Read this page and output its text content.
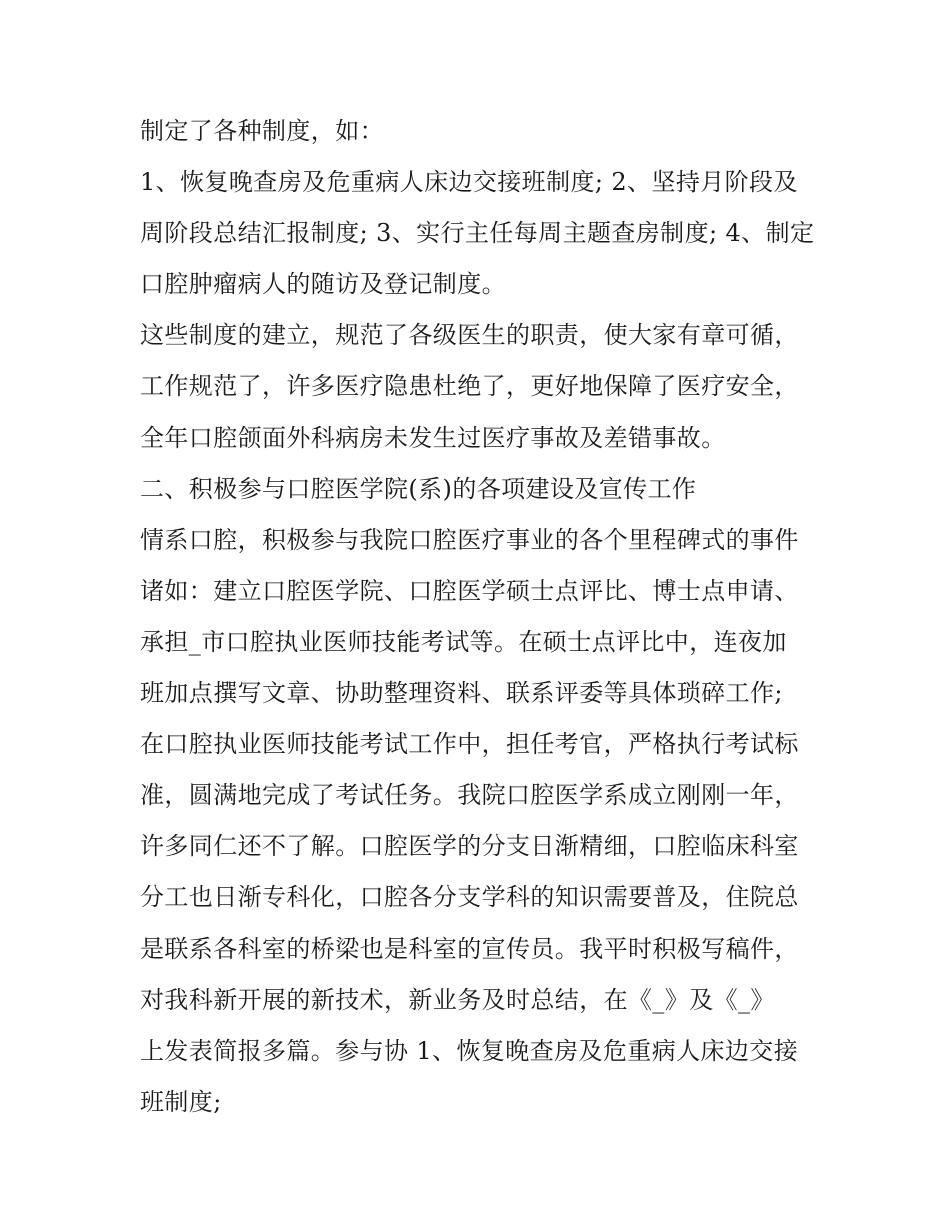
制定了各种制度，如：
1、恢复晚查房及危重病人床边交接班制度; 2、坚持月阶段及
周阶段总结汇报制度; 3、实行主任每周主题查房制度; 4、制定
口腔肿瘤病人的随访及登记制度。
这些制度的建立，规范了各级医生的职责，使大家有章可循，
工作规范了，许多医疗隐患杜绝了，更好地保障了医疗安全，
全年口腔颌面外科病房未发生过医疗事故及差错事故。
二、积极参与口腔医学院(系)的各项建设及宣传工作
情系口腔，积极参与我院口腔医疗事业的各个里程碑式的事件
诸如：建立口腔医学院、口腔医学硕士点评比、博士点申请、
承担_市口腔执业医师技能考试等。在硕士点评比中，连夜加
班加点撰写文章、协助整理资料、联系评委等具体琐碎工作;
在口腔执业医师技能考试工作中，担任考官，严格执行考试标
准，圆满地完成了考试任务。我院口腔医学系成立刚刚一年，
许多同仁还不了解。口腔医学的分支日渐精细，口腔临床科室
分工也日渐专科化，口腔各分支学科的知识需要普及，住院总
是联系各科室的桥梁也是科室的宣传员。我平时积极写稿件，
对我科新开展的新技术，新业务及时总结，在《_》及《_》
上发表简报多篇。参与协 1、恢复晚查房及危重病人床边交接
班制度;
